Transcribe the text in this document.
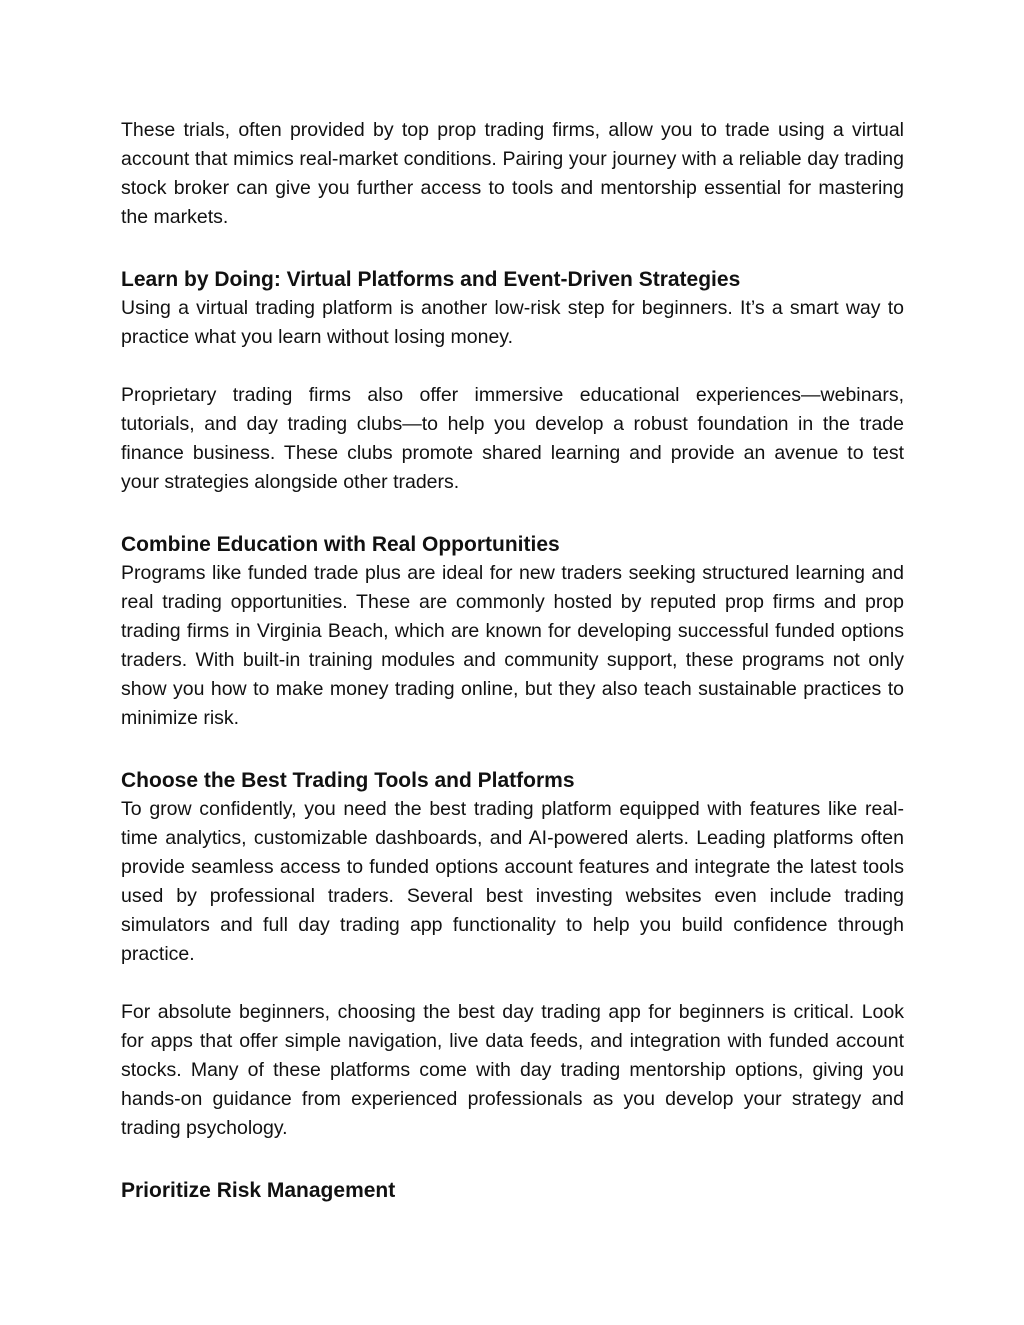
These trials, often provided by top prop trading firms, allow you to trade using a virtual account that mimics real-market conditions. Pairing your journey with a reliable day trading stock broker can give you further access to tools and mentorship essential for mastering the markets.

Learn by Doing: Virtual Platforms and Event-Driven Strategies

Using a virtual trading platform is another low-risk step for beginners. It’s a smart way to practice what you learn without losing money.

Proprietary trading firms also offer immersive educational experiences—webinars, tutorials, and day trading clubs—to help you develop a robust foundation in the trade finance business. These clubs promote shared learning and provide an avenue to test your strategies alongside other traders.

Combine Education with Real Opportunities

Programs like funded trade plus are ideal for new traders seeking structured learning and real trading opportunities. These are commonly hosted by reputed prop firms and prop trading firms in Virginia Beach, which are known for developing successful funded options traders. With built-in training modules and community support, these programs not only show you how to make money trading online, but they also teach sustainable practices to minimize risk.

Choose the Best Trading Tools and Platforms

To grow confidently, you need the best trading platform equipped with features like real-time analytics, customizable dashboards, and AI-powered alerts. Leading platforms often provide seamless access to funded options account features and integrate the latest tools used by professional traders. Several best investing websites even include trading simulators and full day trading app functionality to help you build confidence through practice.

For absolute beginners, choosing the best day trading app for beginners is critical. Look for apps that offer simple navigation, live data feeds, and integration with funded account stocks. Many of these platforms come with day trading mentorship options, giving you hands-on guidance from experienced professionals as you develop your strategy and trading psychology.

Prioritize Risk Management
